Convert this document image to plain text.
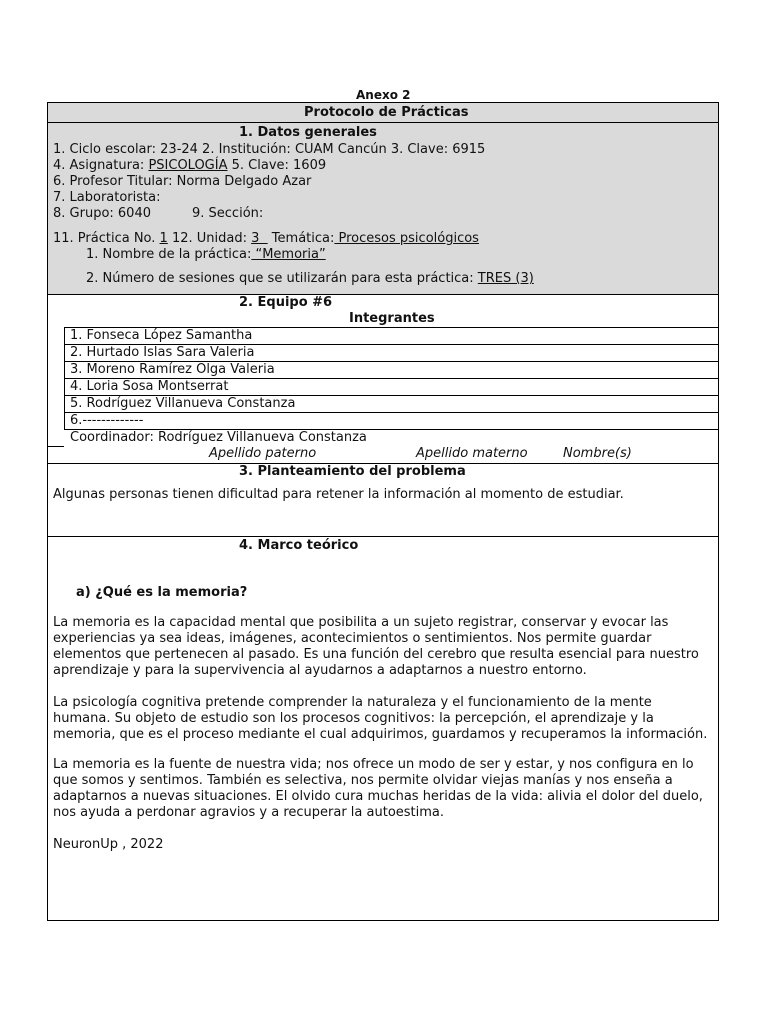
Anexo 2
Protocolo de Prácticas
1. Datos generales
1. Ciclo escolar: 23-24 2. Institución: CUAM Cancún 3. Clave: 6915
4. Asignatura: PSICOLOGÍA 5. Clave: 1609
6. Profesor Titular: Norma Delgado Azar
7. Laboratorista:
8. Grupo: 6040	9. Sección:
11. Práctica No. 1 12. Unidad: 3   Temática: Procesos psicológicos
1. Nombre de la práctica: “Memoria”
2. Número de sesiones que se utilizarán para esta práctica: TRES (3)
2. Equipo #6
Integrantes
1. Fonseca López Samantha
2. Hurtado Islas Sara Valeria
3. Moreno Ramírez Olga Valeria
4. Loria Sosa Montserrat
5. Rodríguez Villanueva Constanza
6.-------------
Coordinador: Rodríguez Villanueva Constanza
Apellido paterno	Apellido materno	Nombre(s)
3. Planteamiento del problema
Algunas personas tienen dificultad para retener la información al momento de estudiar.
4. Marco teórico
a) ¿Qué es la memoria?
La memoria es la capacidad mental que posibilita a un sujeto registrar, conservar y evocar las experiencias ya sea ideas, imágenes, acontecimientos o sentimientos. Nos permite guardar elementos que pertenecen al pasado. Es una función del cerebro que resulta esencial para nuestro aprendizaje y para la supervivencia al ayudarnos a adaptarnos a nuestro entorno.
La psicología cognitiva pretende comprender la naturaleza y el funcionamiento de la mente humana. Su objeto de estudio son los procesos cognitivos: la percepción, el aprendizaje y la memoria, que es el proceso mediante el cual adquirimos, guardamos y recuperamos la información.
La memoria es la fuente de nuestra vida; nos ofrece un modo de ser y estar, y nos configura en lo que somos y sentimos. También es selectiva, nos permite olvidar viejas manías y nos enseña a adaptarnos a nuevas situaciones. El olvido cura muchas heridas de la vida: alivia el dolor del duelo, nos ayuda a perdonar agravios y a recuperar la autoestima.
NeuronUp , 2022
